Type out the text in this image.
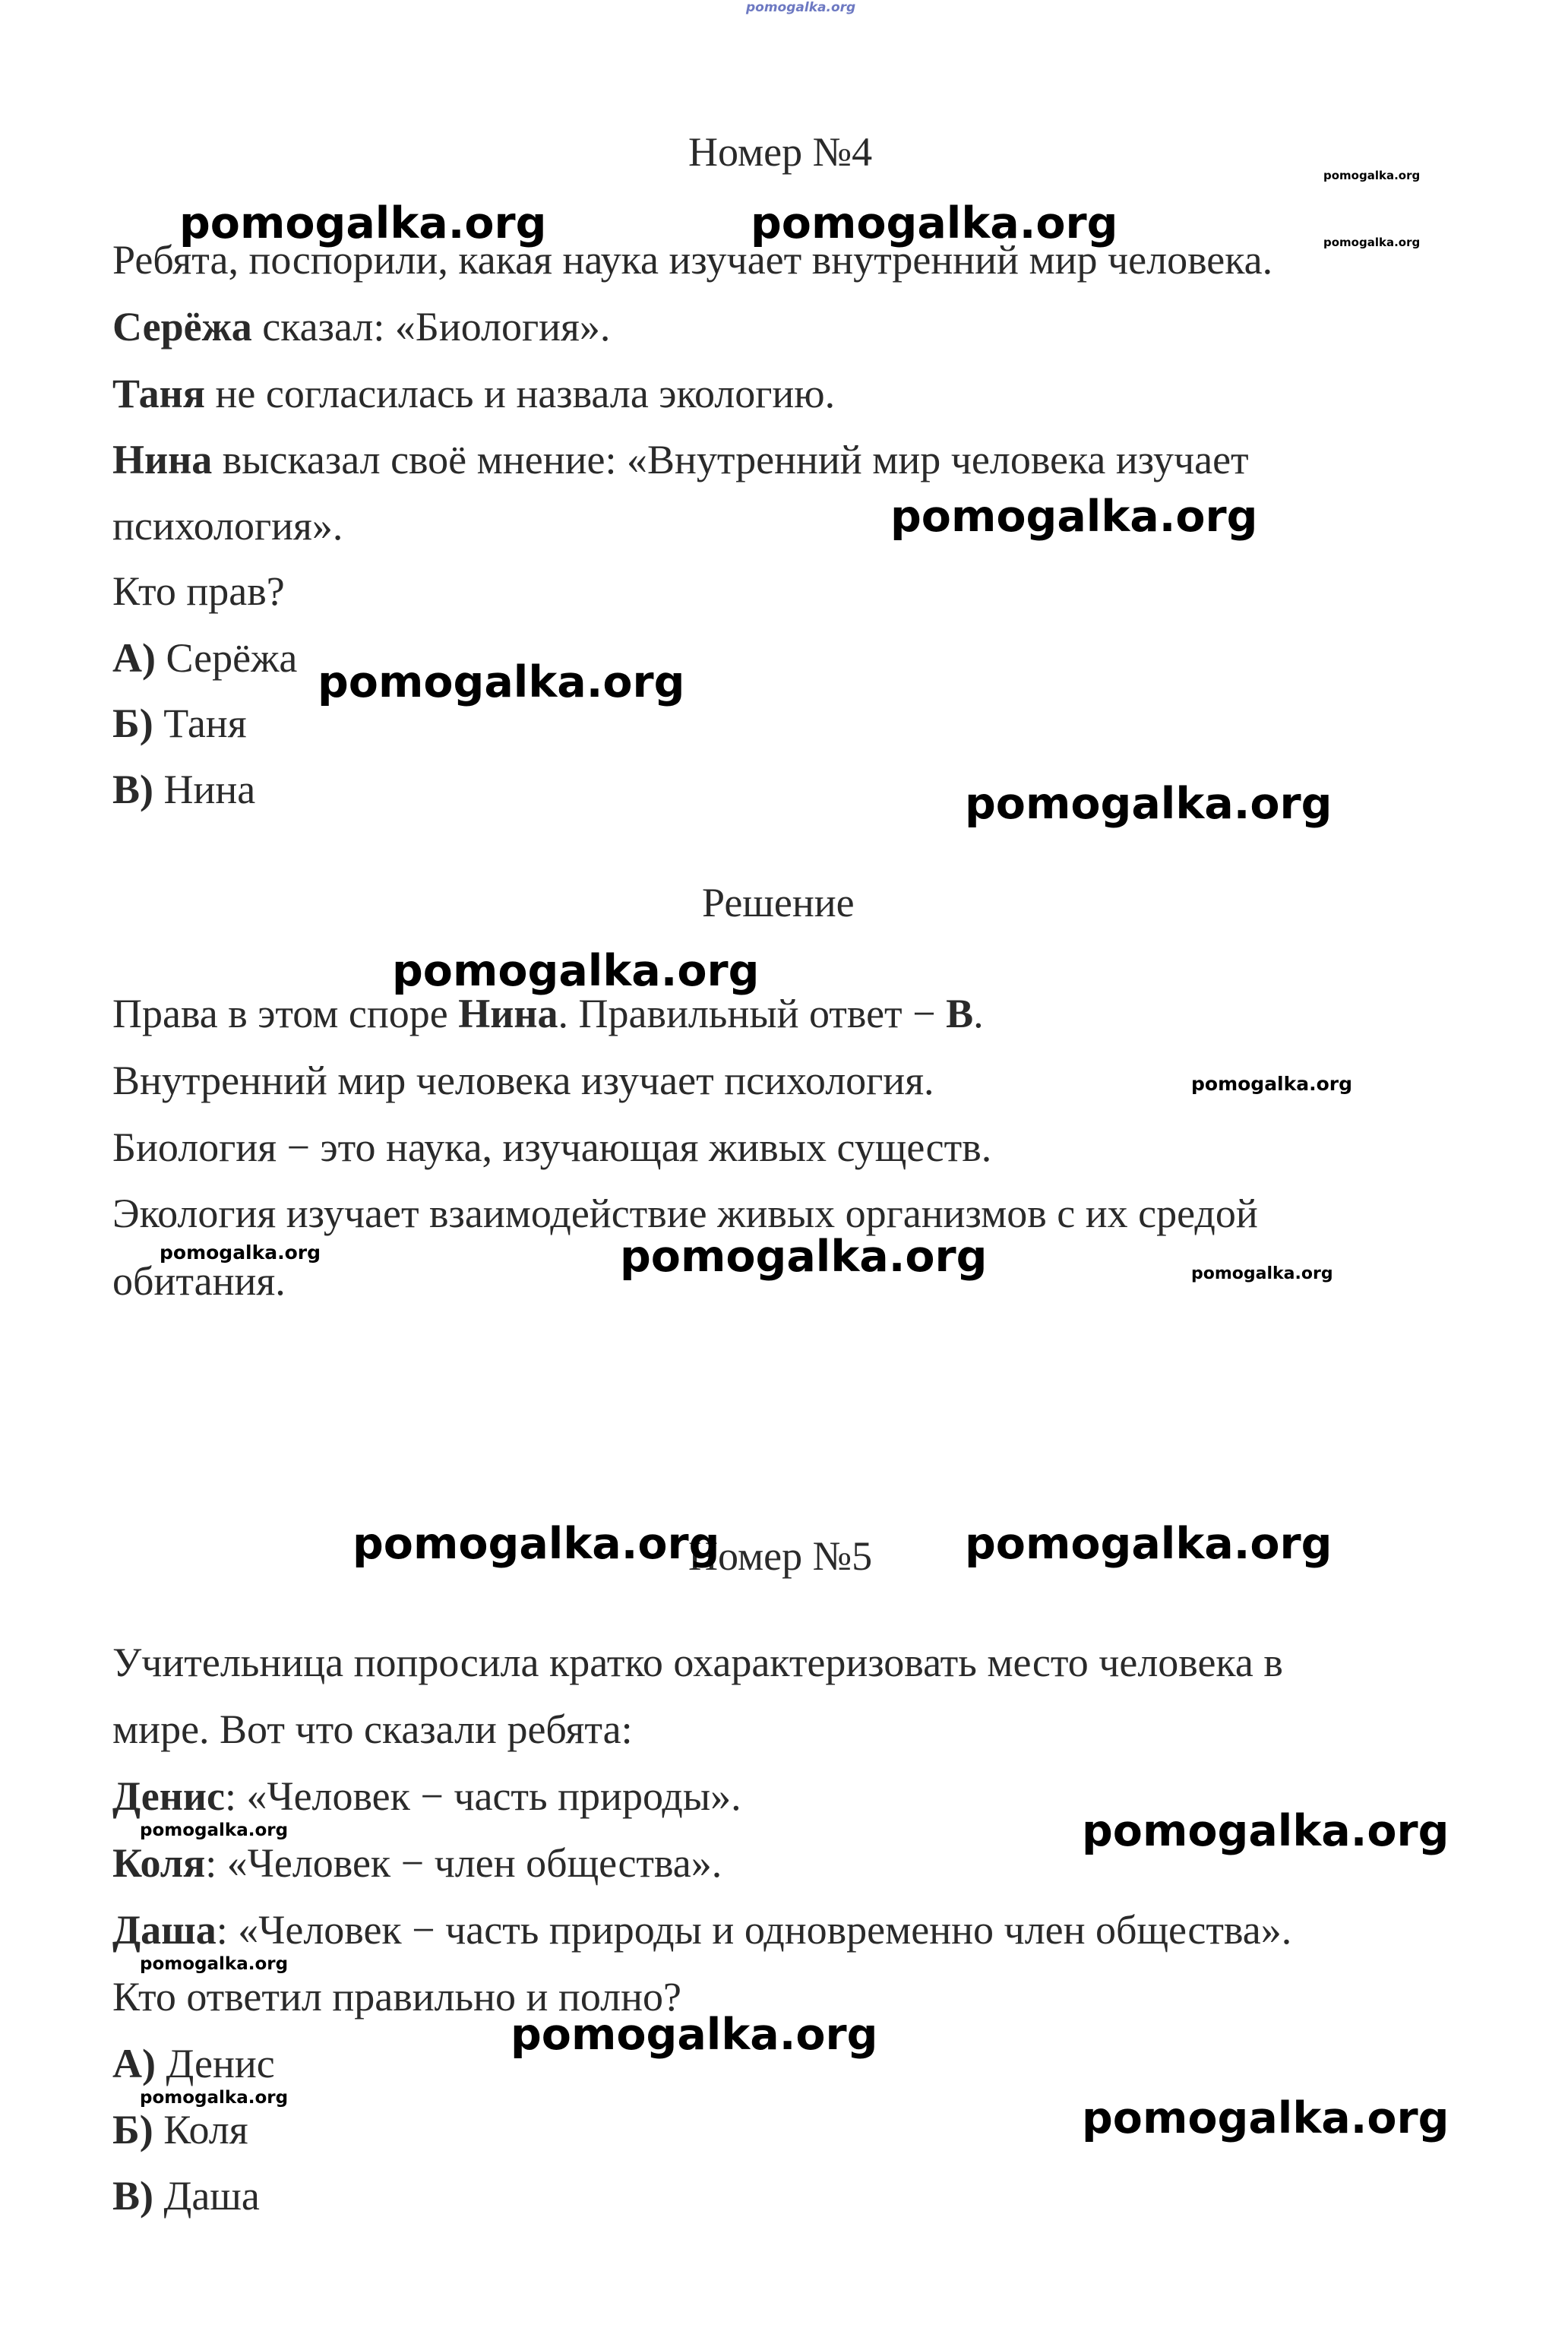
pomogalka.org
Номер №4
Ребята, поспорили, какая наука изучает внутренний мир человека.
Серёжа сказал: «Биология».
Таня не согласилась и назвала экологию.
Нина высказал своё мнение: «Внутренний мир человека изучает
психология».
Кто прав?
А) Серёжа
Б) Таня
В) Нина
Решение
Права в этом споре Нина. Правильный ответ − В.
Внутренний мир человека изучает психология.
Биология − это наука, изучающая живых существ.
Экология изучает взаимодействие живых организмов с их средой
обитания.
Номер №5
Учительница попросила кратко охарактеризовать место человека в
мире. Вот что сказали ребята:
Денис: «Человек − часть природы».
Коля: «Человек − член общества».
Даша: «Человек − часть природы и одновременно член общества».
Кто ответил правильно и полно?
А) Денис
Б) Коля
В) Даша
pomogalka.org
pomogalka.org
pomogalka.org	pomogalka.org
pomogalka.org
pomogalka.org
pomogalka.org
pomogalka.org
pomogalka.org
pomogalka.org	pomogalka.org	pomogalka.org
pomogalka.org	pomogalka.org
pomogalka.org
pomogalka.org
pomogalka.org
pomogalka.org
pomogalka.org	pomogalka.org
